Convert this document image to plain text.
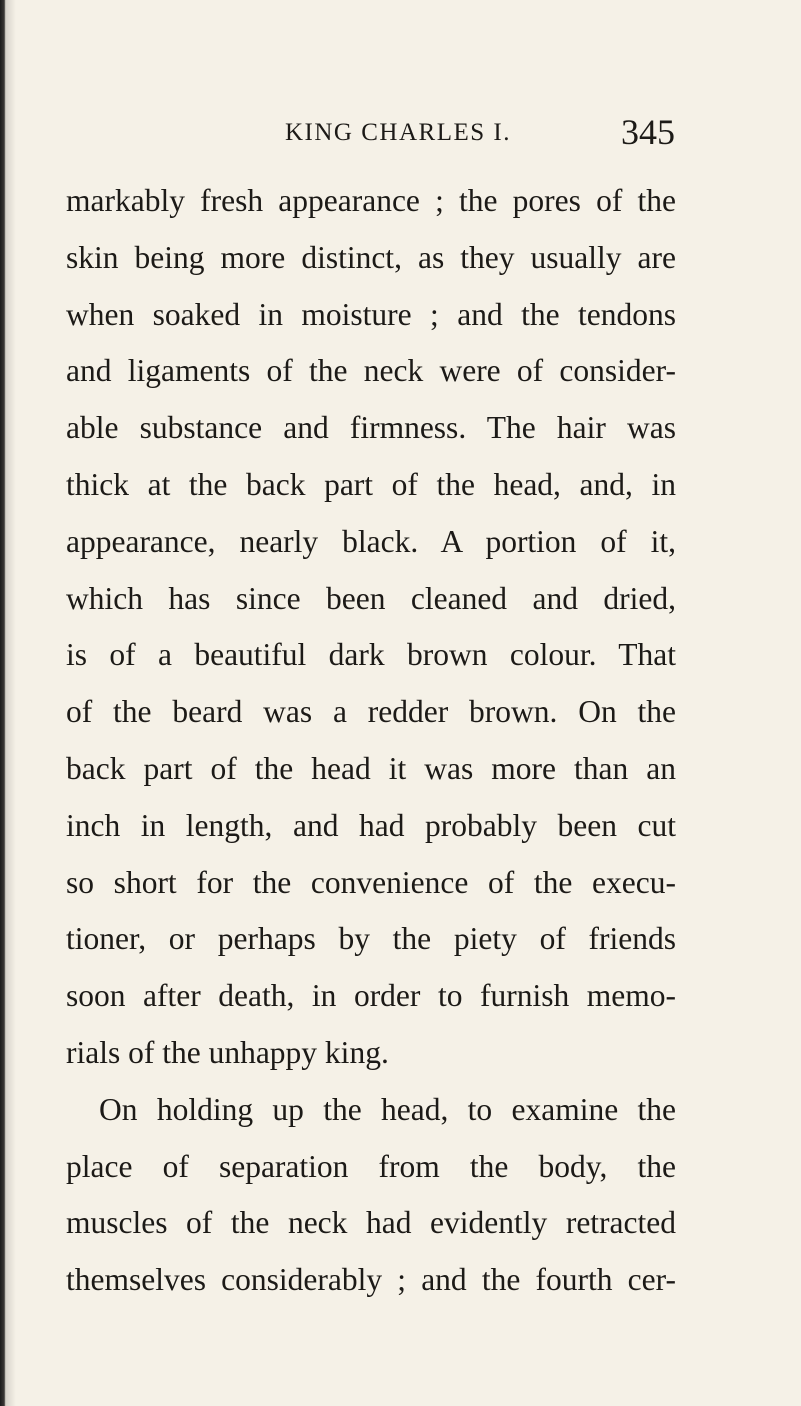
KING CHARLES I.	345
markably fresh appearance ; the pores of the
skin being more distinct, as they usually are
when soaked in moisture ; and the tendons
and ligaments of the neck were of consider-
able substance and firmness. The hair was
thick at the back part of the head, and, in
appearance, nearly black. A portion of it,
which has since been cleaned and dried,
is of a beautiful dark brown colour. That
of the beard was a redder brown. On the
back part of the head it was more than an
inch in length, and had probably been cut
so short for the convenience of the execu-
tioner, or perhaps by the piety of friends
soon after death, in order to furnish memo-
rials of the unhappy king.
On holding up the head, to examine the
place of separation from the body, the
muscles of the neck had evidently retracted
themselves considerably ; and the fourth cer-
